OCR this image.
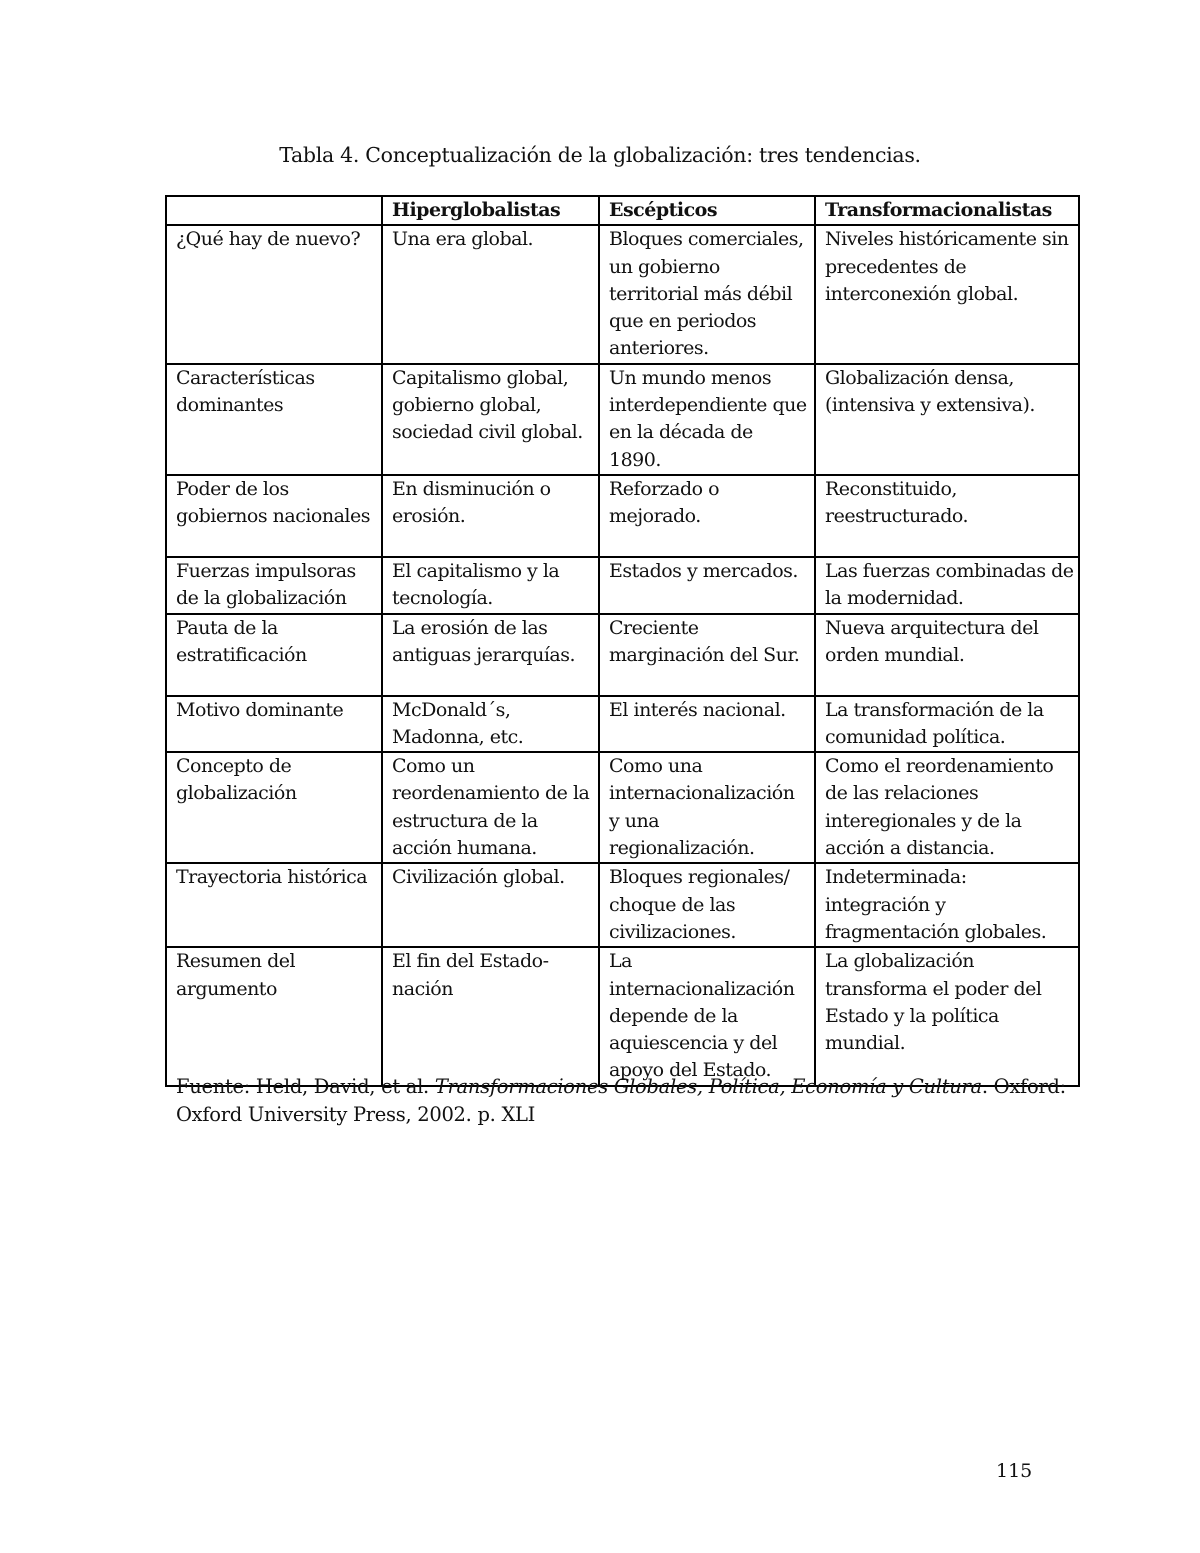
Tabla 4. Conceptualización de la globalización: tres tendencias.
	Hiperglobalistas	Escépticos	Transformacionalistas
¿Qué hay de nuevo?	Una era global.	Bloques comerciales, un gobierno territorial más débil que en periodos anteriores.	Niveles históricamente sin precedentes de interconexión global.
Características dominantes	Capitalismo global, gobierno global, sociedad civil global.	Un mundo menos interdependiente que en la década de 1890.	Globalización densa, (intensiva y extensiva).
Poder de los gobiernos nacionales	En disminución o erosión.	Reforzado o mejorado.	Reconstituido, reestructurado.
Fuerzas impulsoras de la globalización	El capitalismo y la tecnología.	Estados y mercados.	Las fuerzas combinadas de la modernidad.
Pauta de la estratificación	La erosión de las antiguas jerarquías.	Creciente marginación del Sur.	Nueva arquitectura del orden mundial.
Motivo dominante	McDonald´s, Madonna, etc.	El interés nacional.	La transformación de la comunidad política.
Concepto de globalización	Como un reordenamiento de la estructura de la acción humana.	Como una internacionalización y una regionalización.	Como el reordenamiento de las relaciones interegionales y de la acción a distancia.
Trayectoria histórica	Civilización global.	Bloques regionales/ choque de las civilizaciones.	Indeterminada: integración y fragmentación globales.
Resumen del argumento	El fin del Estado-nación	La internacionalización depende de la aquiescencia y del apoyo del Estado.	La globalización transforma el poder del Estado y la política mundial.
Fuente: Held, David, et al. Transformaciones Globales, Política, Economía y Cultura. Oxford: Oxford University Press, 2002. p. XLI
115
